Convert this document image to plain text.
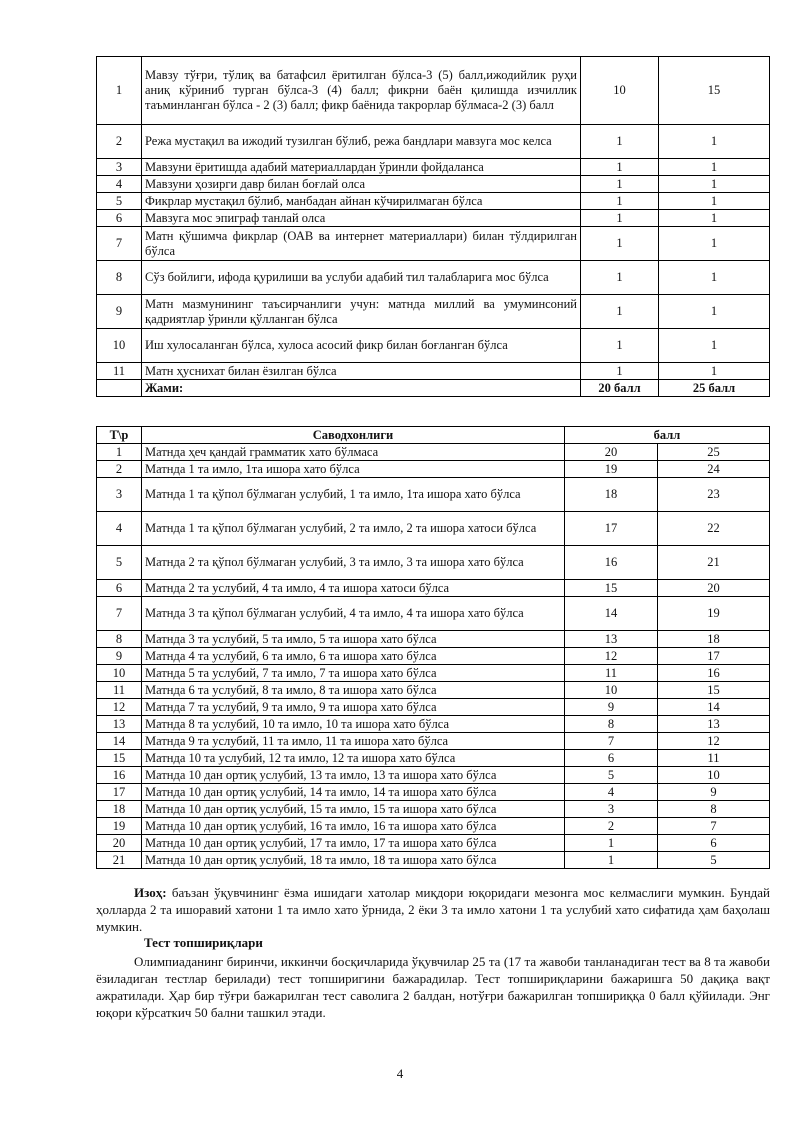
1	Мавзу тўғри, тўлиқ ва батафсил ёритилган бўлса-3 (5) балл,ижодийлик руҳи аниқ кўриниб турган бўлса-3 (4) балл; фикрни баён қилишда изчиллик таъминланган бўлса - 2 (3) балл; фикр баёнида такрорлар бўлмаса-2 (3) балл	10	15
2	Режа мустақил ва ижодий тузилган бўлиб, режа бандлари мавзуга мос келса	1	1
3	Мавзуни ёритишда адабий материаллардан ўринли фойдаланса	1	1
4	Мавзуни ҳозирги давр билан боғлай олса	1	1
5	Фикрлар мустақил бўлиб, манбадан айнан кўчирилмаган бўлса	1	1
6	Мавзуга мос эпиграф танлай олса	1	1
7	Матн қўшимча фикрлар (ОАВ ва интернет материаллари) билан тўлдирилган бўлса	1	1
8	Сўз бойлиги, ифода қурилиши ва услуби адабий тил талабларига мос бўлса	1	1
9	Матн мазмунининг таъсирчанлиги учун: матнда миллий ва умуминсоний қадриятлар ўринли қўлланган бўлса	1	1
10	Иш хулосаланган бўлса, хулоса асосий фикр билан боғланган бўлса	1	1
11	Матн ҳуснихат билан ёзилган бўлса	1	1
	Жами:	20 балл	25 балл
Т\р	Саводхонлиги	балл	
1	Матнда ҳеч қандай грамматик хато бўлмаса	20	25
2	Матнда 1 та имло, 1та ишора хато бўлса	19	24
3	Матнда 1 та қўпол бўлмаган услубий, 1 та имло, 1та ишора хато бўлса	18	23
4	Матнда 1 та қўпол бўлмаган услубий, 2 та имло, 2 та ишора хатоси бўлса	17	22
5	Матнда 2 та қўпол бўлмаган услубий, 3 та имло, 3 та ишора хато бўлса	16	21
6	Матнда 2 та услубий, 4 та имло, 4 та ишора хатоси бўлса	15	20
7	Матнда 3 та қўпол бўлмаган услубий, 4 та имло, 4 та ишора хато бўлса	14	19
8	Матнда 3 та услубий, 5 та имло, 5 та ишора хато бўлса	13	18
9	Матнда 4 та услубий, 6 та имло, 6 та ишора хато бўлса	12	17
10	Матнда 5 та услубий, 7 та имло, 7 та ишора хато бўлса	11	16
11	Матнда 6 та услубий, 8 та имло, 8 та ишора хато бўлса	10	15
12	Матнда 7 та услубий, 9 та имло, 9 та ишора хато бўлса	9	14
13	Матнда 8 та услубий, 10 та имло, 10 та ишора хато бўлса	8	13
14	Матнда 9 та услубий, 11 та имло, 11 та ишора хато бўлса	7	12
15	Матнда 10 та услубий, 12 та имло, 12 та ишора хато бўлса	6	11
16	Матнда 10 дан ортиқ услубий, 13 та имло, 13 та ишора хато бўлса	5	10
17	Матнда 10 дан ортиқ услубий, 14 та имло, 14 та ишора хато бўлса	4	9
18	Матнда 10 дан ортиқ услубий, 15 та имло, 15 та ишора хато бўлса	3	8
19	Матнда 10 дан ортиқ услубий, 16 та имло, 16 та ишора хато бўлса	2	7
20	Матнда 10 дан ортиқ услубий, 17 та имло, 17 та ишора хато бўлса	1	6
21	Матнда 10 дан ортиқ услубий, 18 та имло, 18 та ишора хато бўлса	1	5

Изоҳ: баъзан ўқувчининг ёзма ишидаги хатолар миқдори юқоридаги мезонга мос келмаслиги мумкин. Бундай ҳолларда 2 та ишоравий хатони 1 та имло хато ўрнида, 2 ёки 3 та имло хатони 1 та услубий хато сифатида ҳам баҳолаш мумкин.

Тест топшириқлари

Олимпиаданинг биринчи, иккинчи босқичларида ўқувчилар 25 та (17 та жавоби танланадиган тест ва 8 та жавоби ёзиладиган тестлар берилади) тест топширигини бажарадилар. Тест топшириқларини бажаришга 50 дақиқа вақт ажратилади. Ҳар бир тўғри бажарилган тест саволига 2 балдан, нотўғри бажарилган топшириққа 0 балл қўйилади. Энг юқори кўрсаткич 50 бални ташкил этади.

4
